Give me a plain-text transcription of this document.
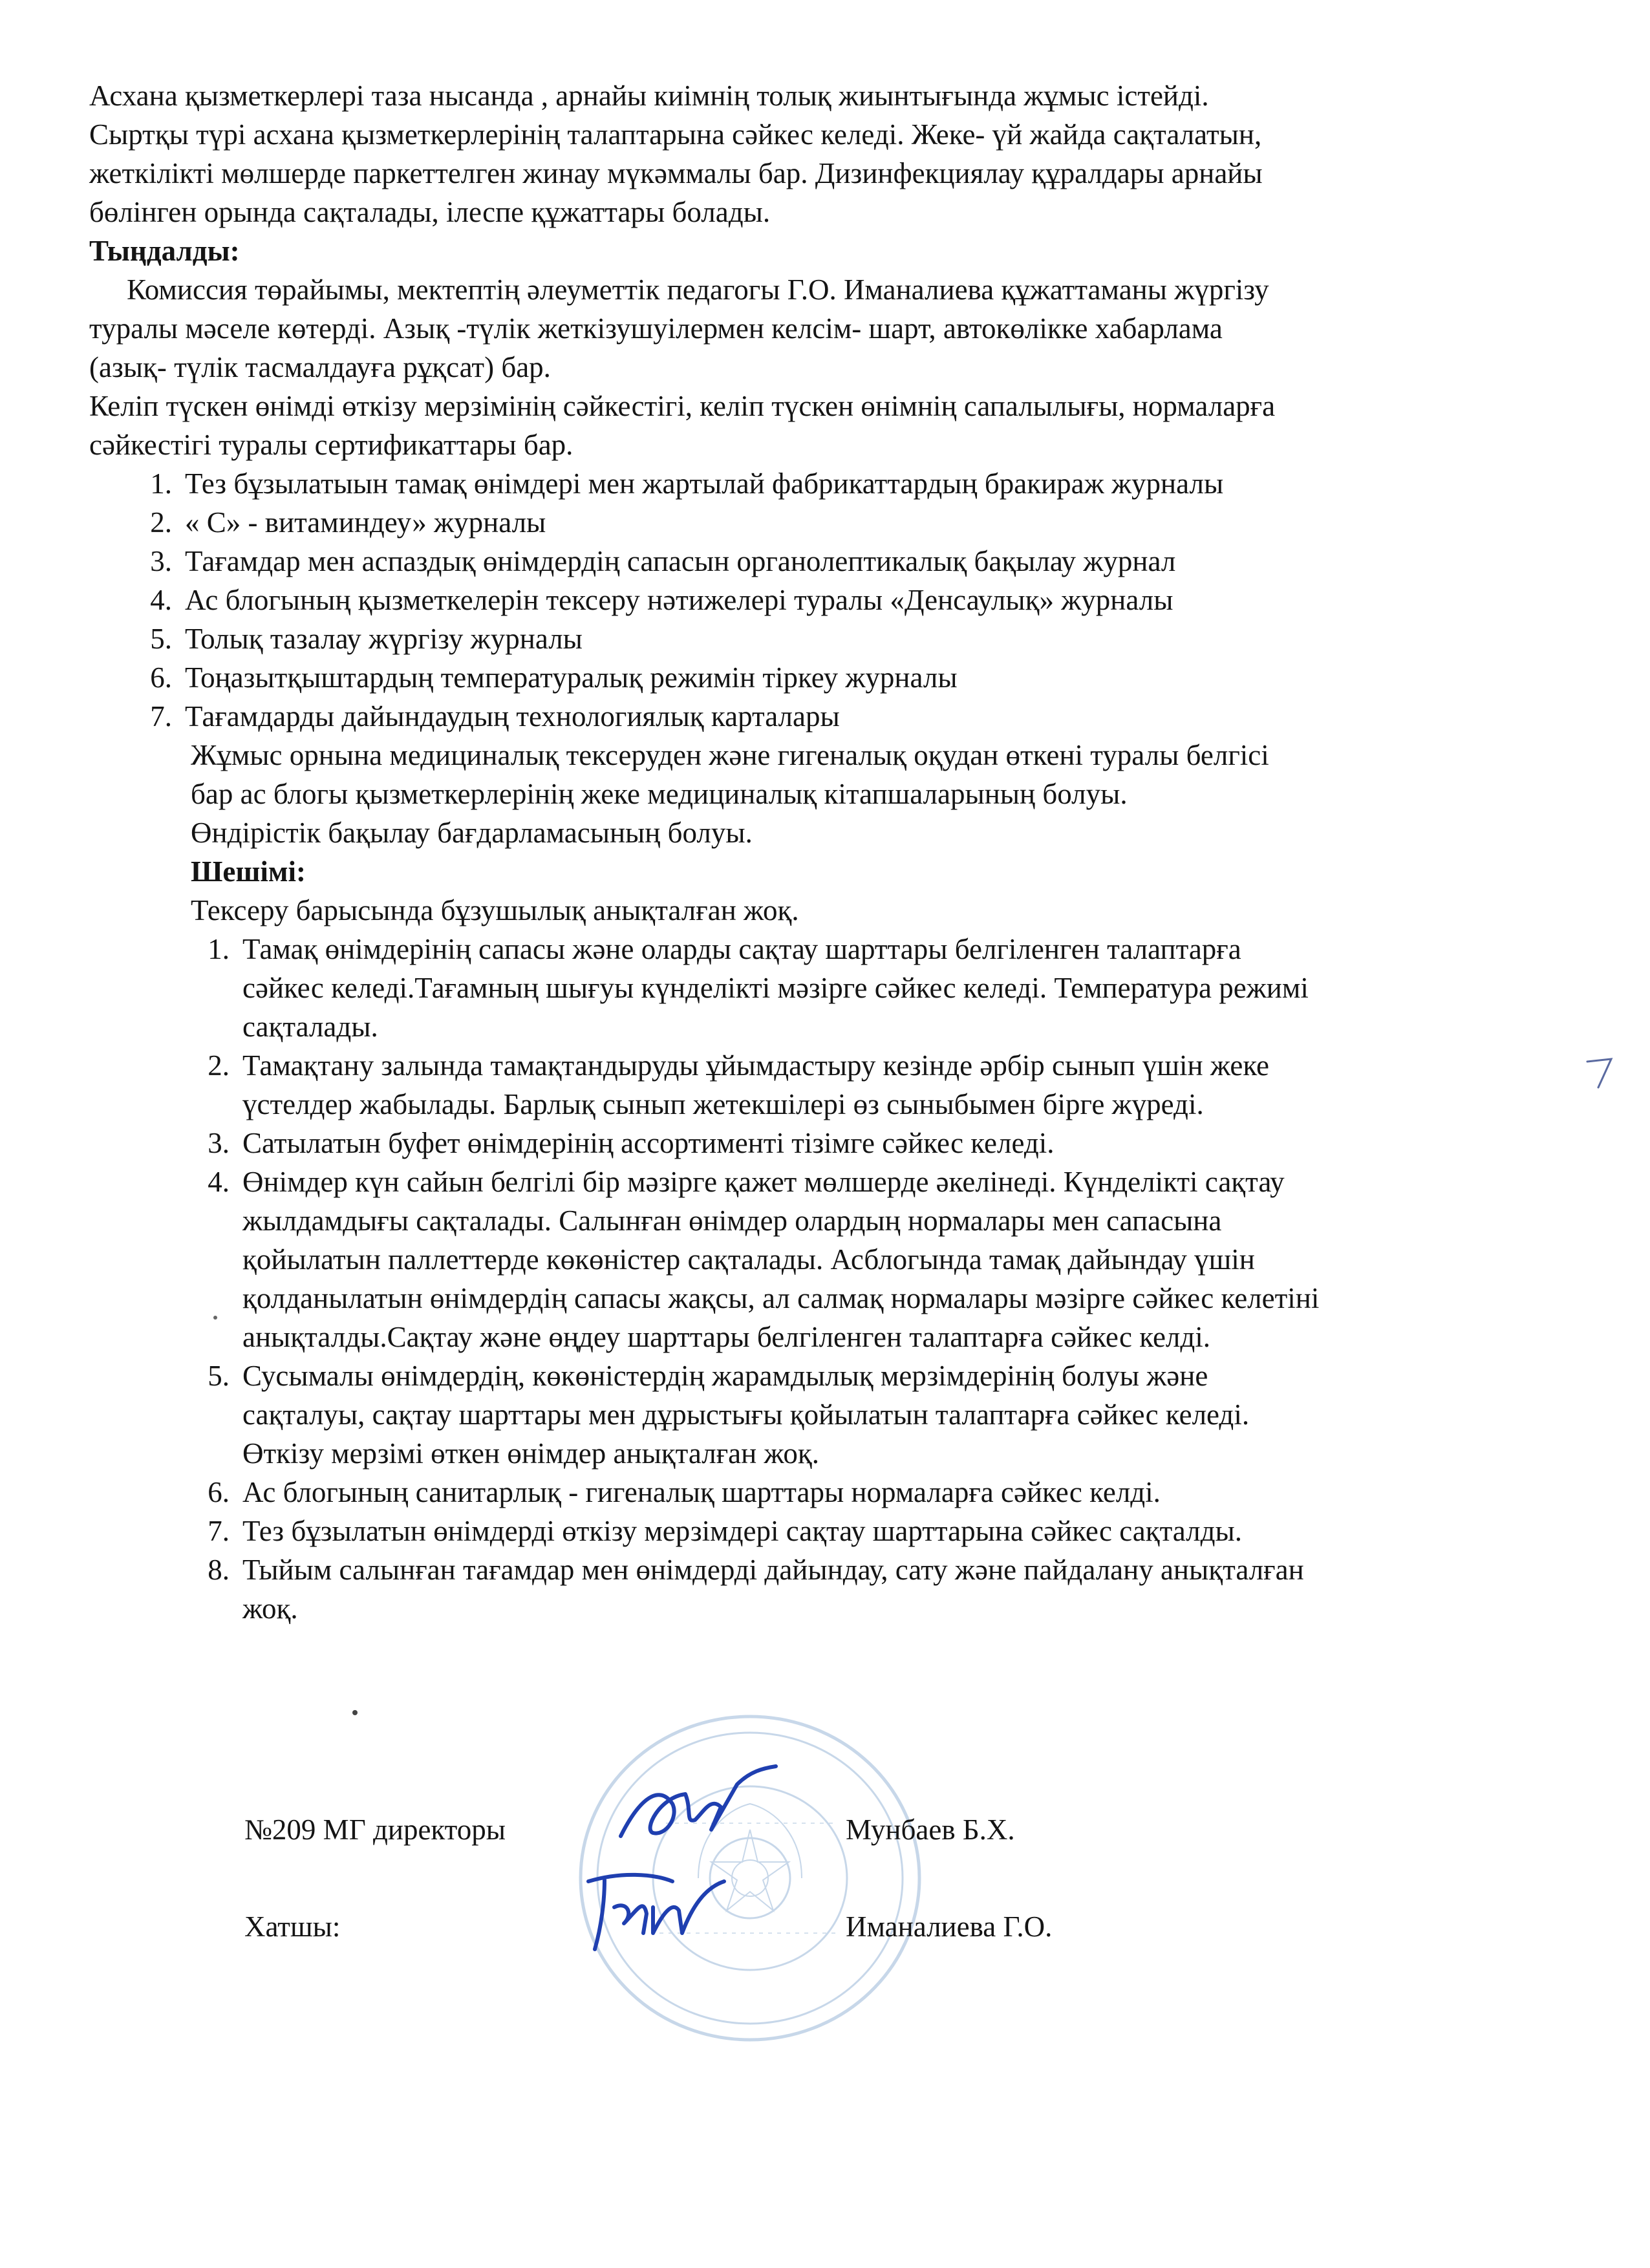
Асхана қызметкерлері таза нысанда , арнайы киімнің толық жиынтығында жұмыс істейді.

Сыртқы түрі асхана қызметкерлерінің талаптарына сәйкес келеді. Жеке- үй жайда сақталатын,

жеткілікті мөлшерде паркеттелген жинау мүкәммалы бар. Дизинфекциялау құралдары арнайы

бөлінген орында сақталады, ілеспе құжаттары болады.

Тыңдалды:

Комиссия төрайымы, мектептің әлеуметтік педагогы Г.О. Иманалиева құжаттаманы жүргізу

туралы мәселе көтерді. Азық -түлік жеткізушуілермен келсім- шарт, автокөлікке хабарлама

(азық- түлік тасмалдауға рұқсат) бар.

Келіп түскен өнімді өткізу мерзімінің сәйкестігі, келіп түскен өнімнің сапалылығы, нормаларға

сәйкестігі туралы сертификаттары бар.

1. Тез бұзылатыын тамақ өнімдері мен жартылай фабрикаттардың бракираж журналы
2. « С» - витаминдеу» журналы
3. Тағамдар мен аспаздық өнімдердің сапасын органолептикалық бақылау журнал
4. Ас блогының қызметкелерін тексеру нәтижелері туралы «Денсаулық» журналы
5. Толық тазалау жүргізу журналы
6. Тоңазытқыштардың температуралық режимін тіркеу журналы
7. Тағамдарды дайындаудың технологиялық карталары

Жұмыс орнына медициналық тексеруден және гигеналық оқудан өткені туралы белгісі

бар ас блогы қызметкерлерінің жеке медициналық кітапшаларының болуы.

Өндірістік бақылау бағдарламасының болуы.

Шешімі:

Тексеру барысында бұзушылық анықталған жоқ.

1. Тамақ өнімдерінің сапасы және оларды сақтау шарттары белгіленген талаптарға

сәйкес келеді.Тағамның шығуы күнделікті мәзірге сәйкес келеді. Температура режимі

сақталады.

2. Тамақтану залында тамақтандыруды ұйымдастыру кезінде әрбір сынып үшін жеке

үстелдер жабылады. Барлық сынып жетекшілері өз сыныбымен бірге жүреді.

3. Сатылатын буфет өнімдерінің ассортименті тізімге сәйкес келеді.

4. Өнімдер күн сайын белгілі бір мәзірге қажет мөлшерде әкелінеді. Күнделікті сақтау

жылдамдығы сақталады. Салынған өнімдер олардың нормалары мен сапасына

қойылатын паллеттерде көкөністер сақталады. Асблогында тамақ дайындау үшін

қолданылатын өнімдердің сапасы жақсы, ал салмақ нормалары мәзірге сәйкес келетіні

анықталды.Сақтау және өңдеу шарттары белгіленген талаптарға сәйкес келді.

5. Сусымалы өнімдердің, көкөністердің жарамдылық мерзімдерінің болуы және

сақталуы, сақтау шарттары мен дұрыстығы қойылатын талаптарға сәйкес келеді.

Өткізу мерзімі өткен өнімдер анықталған жоқ.

6. Ас блогының санитарлық - гигеналық шарттары нормаларға сәйкес келді.

7. Тез бұзылатын өнімдерді өткізу мерзімдері сақтау шарттарына сәйкес сақталды.

8. Тыйым салынған тағамдар мен өнімдерді дайындау, сату және пайдалану анықталған

жоқ.

№209 МГ директоры	Мунбаев Б.Х.
Хатшы:	Иманалиева Г.О.
